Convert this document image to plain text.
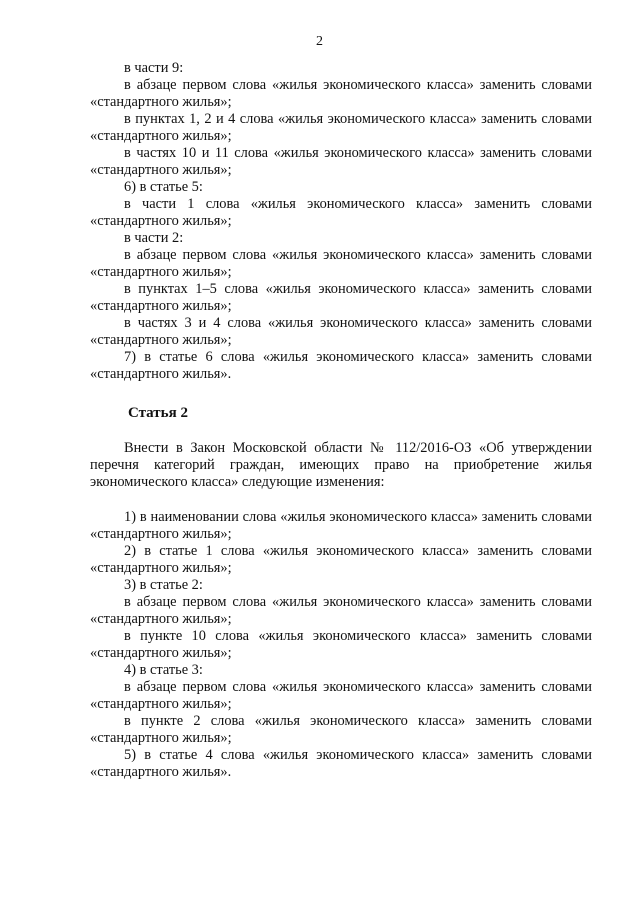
2

в части 9:

в абзаце первом слова «жилья экономического класса» заменить словами «стандартного жилья»;

в пунктах 1, 2 и 4 слова «жилья экономического класса» заменить словами «стандартного жилья»;

в частях 10 и 11 слова «жилья экономического класса» заменить словами «стандартного жилья»;

6) в статье 5:

в части 1 слова «жилья экономического класса» заменить словами «стандартного жилья»;

в части 2:

в абзаце первом слова «жилья экономического класса» заменить словами «стандартного жилья»;

в пунктах 1–5 слова «жилья экономического класса» заменить словами «стандартного жилья»;

в частях 3 и 4 слова «жилья экономического класса» заменить словами «стандартного жилья»;

7) в статье 6 слова «жилья экономического класса» заменить словами «стандартного жилья».

Статья 2

Внести в Закон Московской области № 112/2016-ОЗ «Об утверждении перечня категорий граждан, имеющих право на приобретение жилья экономического класса» следующие изменения:

1) в наименовании слова «жилья экономического класса» заменить словами «стандартного жилья»;

2) в статье 1 слова «жилья экономического класса» заменить словами «стандартного жилья»;

3) в статье 2:

в абзаце первом слова «жилья экономического класса» заменить словами «стандартного жилья»;

в пункте 10 слова «жилья экономического класса» заменить словами «стандартного жилья»;

4) в статье 3:

в абзаце первом слова «жилья экономического класса» заменить словами «стандартного жилья»;

в пункте 2 слова «жилья экономического класса» заменить словами «стандартного жилья»;

5) в статье 4 слова «жилья экономического класса» заменить словами «стандартного жилья».
